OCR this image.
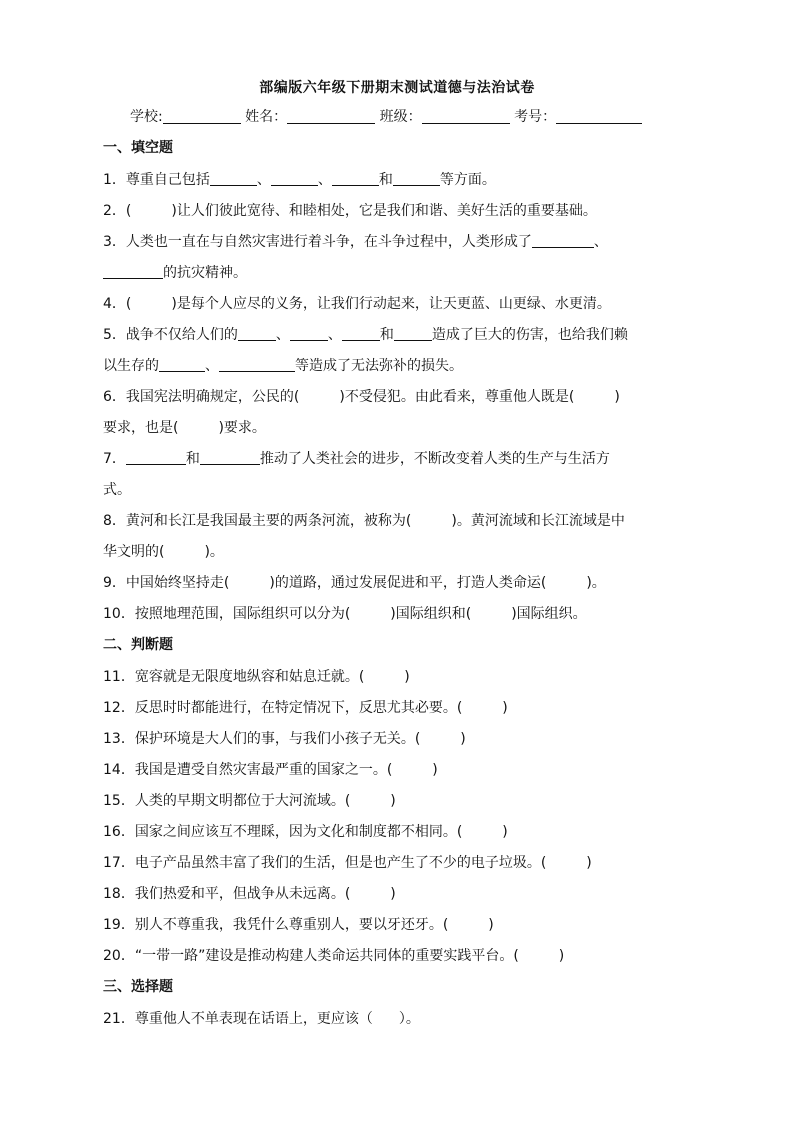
部编版六年级下册期末测试道德与法治试卷
学校:	姓名：	班级：	考号：
一、填空题
1．尊重自己包括	、	、	和	等方面。
2．(	)让人们彼此宽待、和睦相处，它是我们和谐、美好生活的重要基础。
3．人类也一直在与自然灾害进行着斗争，在斗争过程中，人类形成了	、
的抗灾精神。
4．(	)是每个人应尽的义务，让我们行动起来，让天更蓝、山更绿、水更清。
5．战争不仅给人们的	、	、	和	造成了巨大的伤害，也给我们赖
以生存的	、	等造成了无法弥补的损失。
6．我国宪法明确规定，公民的(	)不受侵犯。由此看来，尊重他人既是(	)
要求，也是(	)要求。
7．	和	推动了人类社会的进步，不断改变着人类的生产与生活方
式。
8．黄河和长江是我国最主要的两条河流，被称为(	)。黄河流域和长江流域是中
华文明的(	)。
9．中国始终坚持走(	)的道路，通过发展促进和平，打造人类命运(	)。
10．按照地理范围，国际组织可以分为(	)国际组织和(	)国际组织。
二、判断题
11．宽容就是无限度地纵容和姑息迁就。(	)
12．反思时时都能进行，在特定情况下，反思尤其必要。(	)
13．保护环境是大人们的事，与我们小孩子无关。(	)
14．我国是遭受自然灾害最严重的国家之一。(	)
15．人类的早期文明都位于大河流域。(	)
16．国家之间应该互不理睬，因为文化和制度都不相同。(	)
17．电子产品虽然丰富了我们的生活，但是也产生了不少的电子垃圾。(	)
18．我们热爱和平，但战争从未远离。(	)
19．别人不尊重我，我凭什么尊重别人，要以牙还牙。(	)
20．“一带一路”建设是推动构建人类命运共同体的重要实践平台。(	)
三、选择题
21．尊重他人不单表现在话语上，更应该（ ）。
